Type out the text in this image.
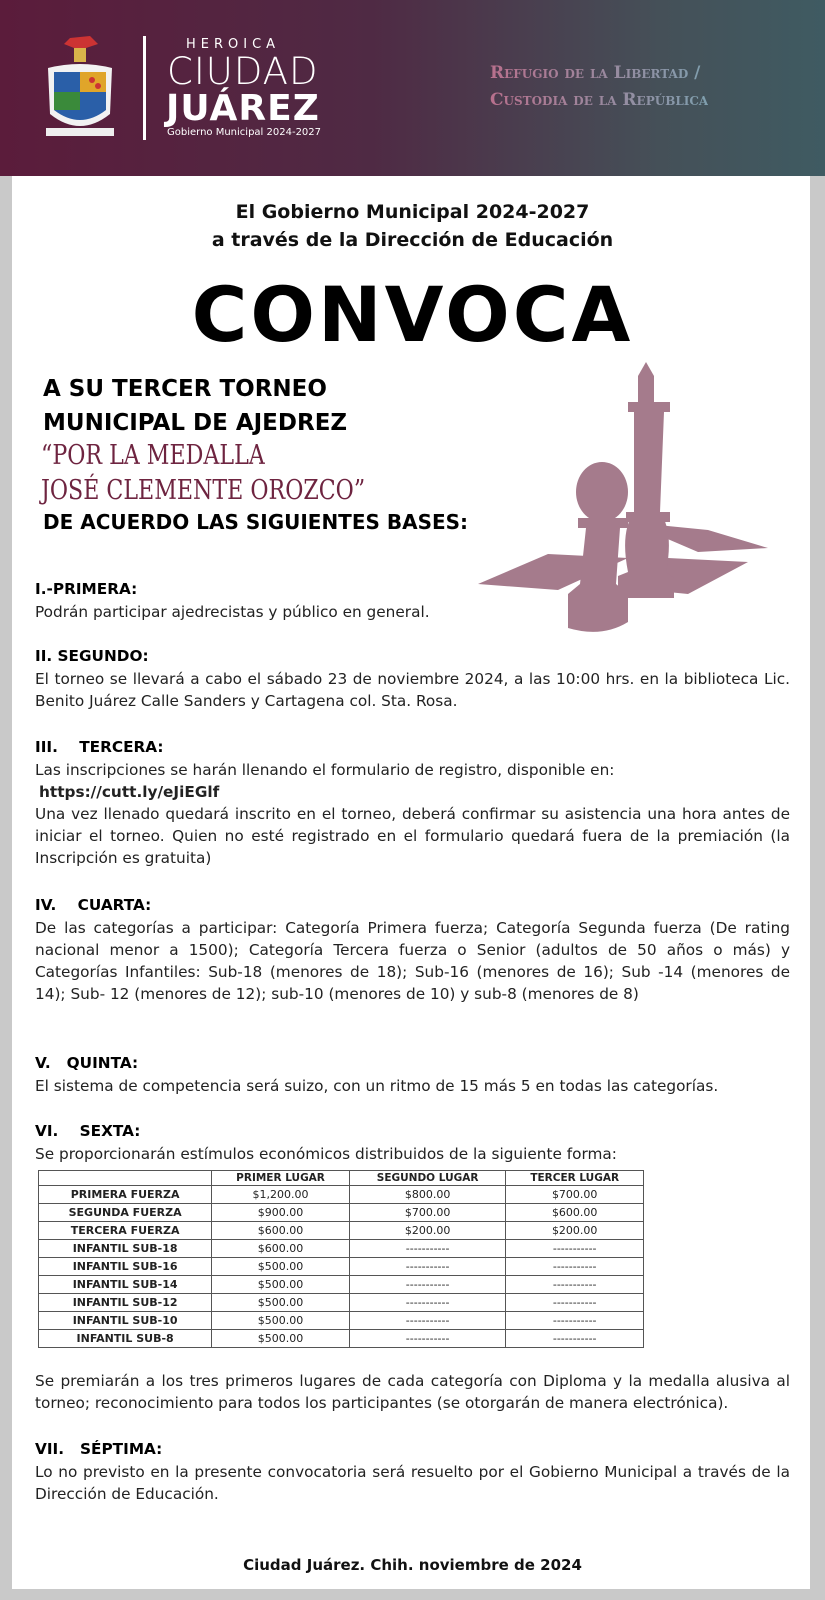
HEROICA
CIUDAD
JUÁREZ
Gobierno Municipal 2024-2027
Refugio de la Libertad /
Custodia de la República
El Gobierno Municipal 2024-2027
a través de la Dirección de Educación
CONVOCA
A SU TERCER TORNEO
MUNICIPAL DE AJEDREZ
“POR LA MEDALLA
JOSÉ CLEMENTE OROZCO”
DE ACUERDO LAS SIGUIENTES BASES:
I.-PRIMERA:

Podrán participar ajedrecistas y público en general.

II. SEGUNDO:

El torneo se llevará a cabo el sábado 23 de noviembre 2024, a las 10:00 hrs. en la biblioteca Lic. Benito Juárez Calle Sanders y Cartagena col. Sta. Rosa.

III.    TERCERA:

Las inscripciones se harán llenando el formulario de registro, disponible en:

https://cutt.ly/eJiEGlf

Una vez llenado quedará inscrito en el torneo, deberá confirmar su asistencia una hora antes de iniciar el torneo. Quien no esté registrado en el formulario quedará fuera de la premiación (la Inscripción es gratuita)

IV.    CUARTA:

De las categorías a participar: Categoría Primera fuerza; Categoría Segunda fuerza (De rating nacional menor a 1500); Categoría Tercera fuerza o Senior (adultos de 50 años o más) y Categorías Infantiles: Sub-18 (menores de 18); Sub-16 (menores de 16); Sub -14 (menores de 14); Sub- 12 (menores de 12); sub-10 (menores de 10) y sub-8 (menores de 8)

V.   QUINTA:

El sistema de competencia será suizo, con un ritmo de 15 más 5 en todas las categorías.

VI.    SEXTA:

Se proporcionarán estímulos económicos distribuidos de la siguiente forma:

	PRIMER LUGAR	SEGUNDO LUGAR	TERCER LUGAR
PRIMERA FUERZA	$1,200.00	$800.00	$700.00
SEGUNDA FUERZA	$900.00	$700.00	$600.00
TERCERA FUERZA	$600.00	$200.00	$200.00
INFANTIL SUB-18	$600.00	-----------	-----------
INFANTIL SUB-16	$500.00	-----------	-----------
INFANTIL SUB-14	$500.00	-----------	-----------
INFANTIL SUB-12	$500.00	-----------	-----------
INFANTIL SUB-10	$500.00	-----------	-----------
INFANTIL SUB-8	$500.00	-----------	-----------

Se premiarán a los tres primeros lugares de cada categoría con Diploma y la medalla alusiva al torneo; reconocimiento para todos los participantes (se otorgarán de manera electrónica).

VII.   SÉPTIMA:

Lo no previsto en la presente convocatoria será resuelto por el Gobierno Municipal a través de la Dirección de Educación.

Ciudad Juárez. Chih. noviembre de 2024
